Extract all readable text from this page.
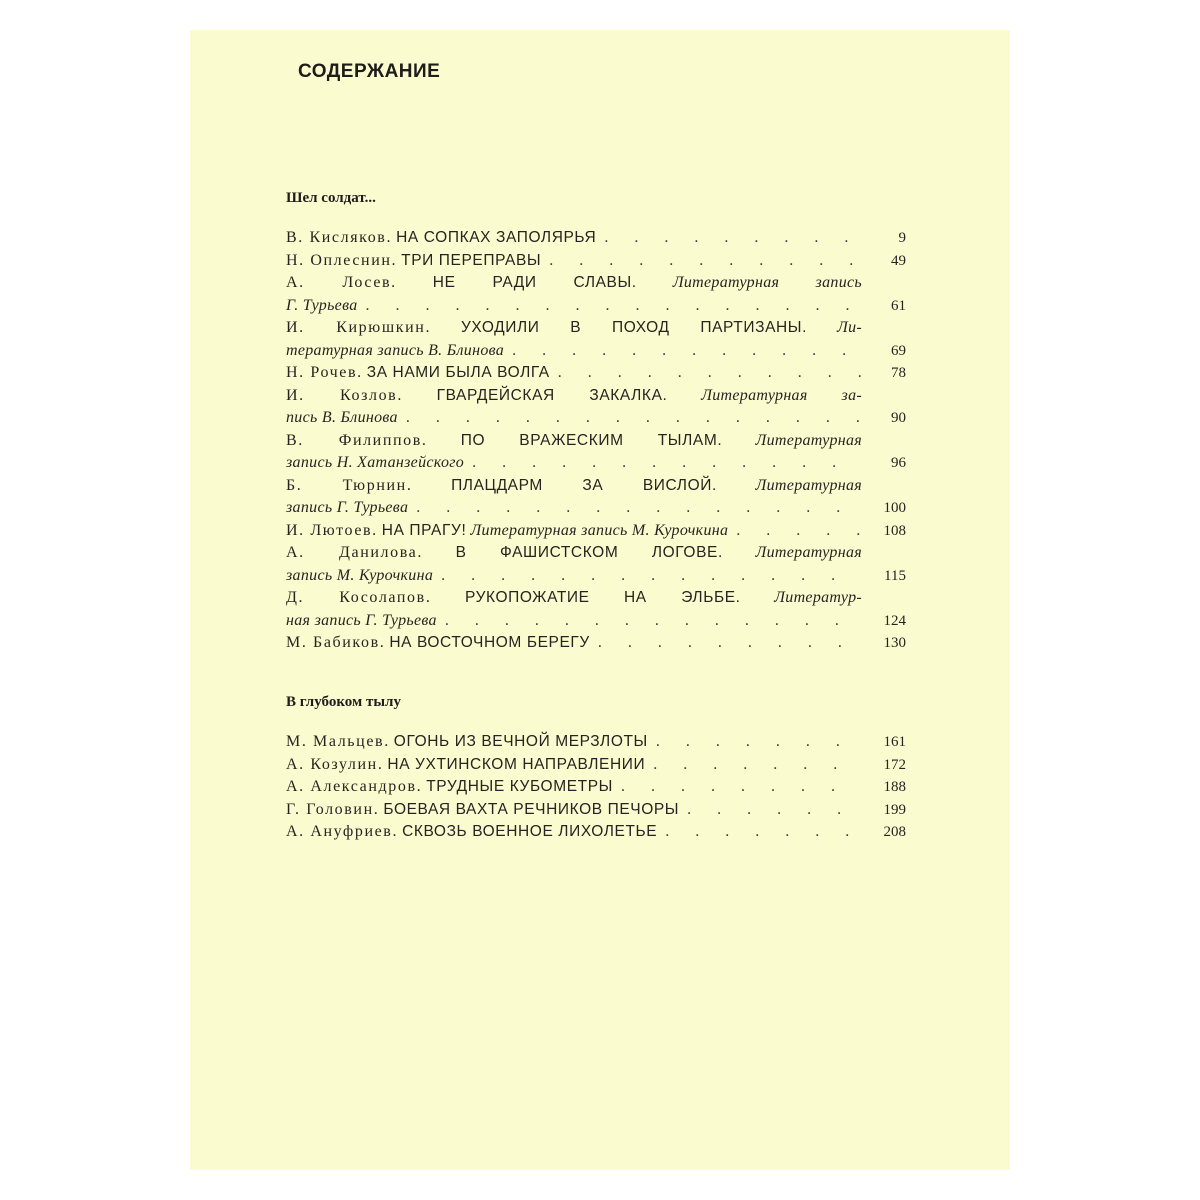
СОДЕРЖАНИЕ
Шел солдат...
В. Кисляков. НА СОПКАХ ЗАПОЛЯРЬЯ . . .	9
Н. Оплеснин. ТРИ ПЕРЕПРАВЫ . . .	49
А. Лосев. НЕ РАДИ СЛАВЫ. Литературная запись
Г. Турьева . . .	61
И. Кирюшкин. УХОДИЛИ В ПОХОД ПАРТИЗАНЫ. Ли-
тературная запись В. Блинова . . .	69
Н. Рочев. ЗА НАМИ БЫЛА ВОЛГА . . .	78
И. Козлов. ГВАРДЕЙСКАЯ ЗАКАЛКА. Литературная за-
пись В. Блинова . . .	90
В. Филиппов. ПО ВРАЖЕСКИМ ТЫЛАМ. Литературная
запись Н. Хатанзейского . . .	96
Б. Тюрнин. ПЛАЦДАРМ ЗА ВИСЛОЙ. Литературная
запись Г. Турьева . . .	100
И. Лютоев. НА ПРАГУ! Литературная запись М. Курочкина . . .	108
А. Данилова. В ФАШИСТСКОМ ЛОГОВЕ. Литературная
запись М. Курочкина . . .	115
Д. Косолапов. РУКОПОЖАТИЕ НА ЭЛЬБЕ. Литератур-
ная запись Г. Турьева . . .	124
М. Бабиков. НА ВОСТОЧНОМ БЕРЕГУ . . .	130
В глубоком тылу
М. Мальцев. ОГОНЬ ИЗ ВЕЧНОЙ МЕРЗЛОТЫ . . .	161
А. Козулин. НА УХТИНСКОМ НАПРАВЛЕНИИ . . .	172
А. Александров. ТРУДНЫЕ КУБОМЕТРЫ . . .	188
Г. Головин. БОЕВАЯ ВАХТА РЕЧНИКОВ ПЕЧОРЫ . . .	199
А. Ануфриев. СКВОЗЬ ВОЕННОЕ ЛИХОЛЕТЬЕ . . .	208
